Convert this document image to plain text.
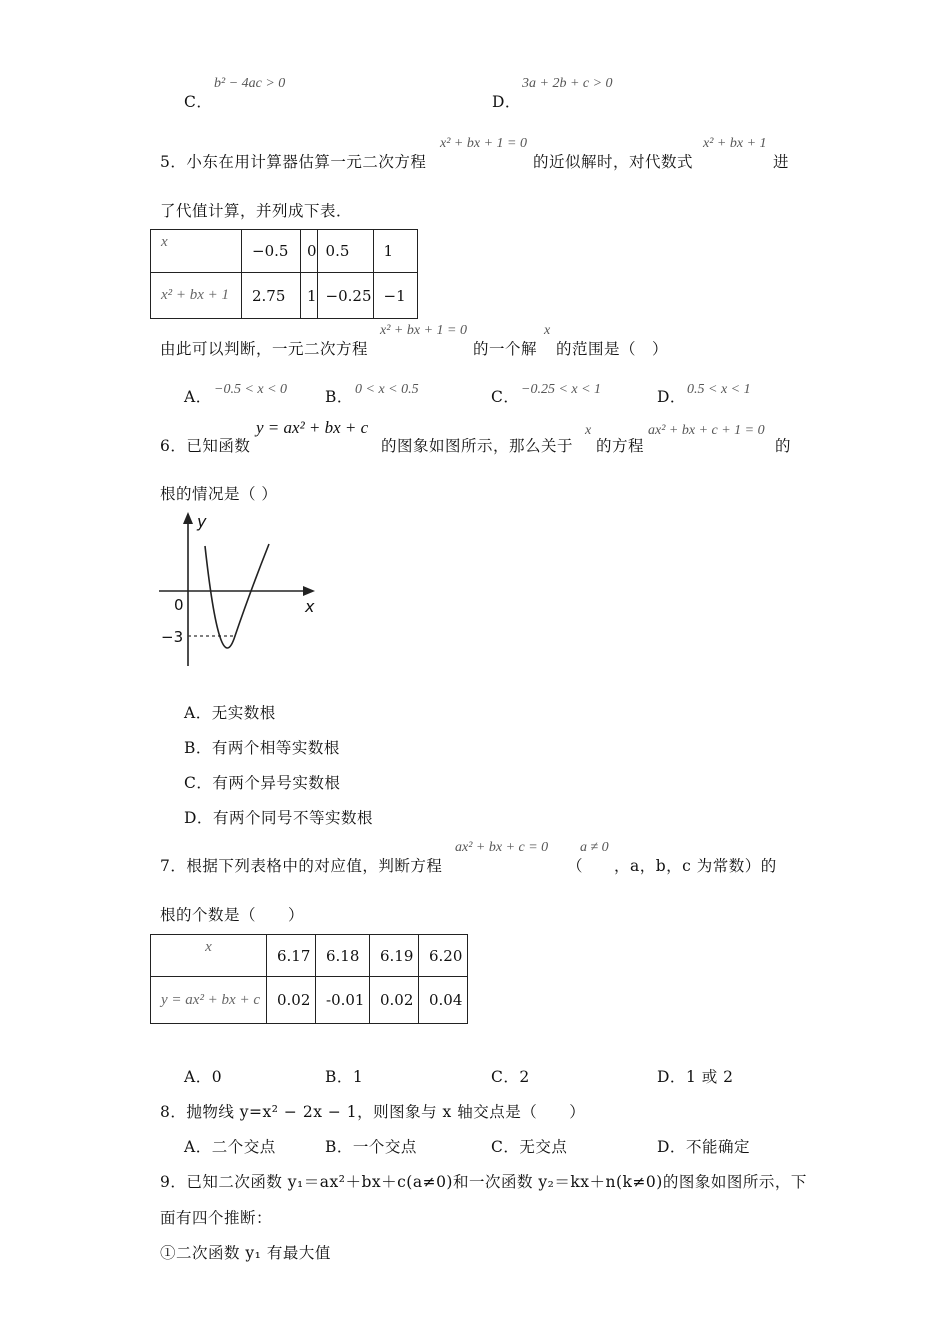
C．
b² − 4ac > 0
D．
3a + 2b + c > 0
5．小东在用计算器估算一元二次方程
x² + bx + 1 = 0
的近似解时，对代数式
x² + bx + 1
进
了代值计算，并列成下表．
x	−0.5	0	0.5	1
x² + bx + 1	2.75	1	−0.25	−1
由此可以判断，一元二次方程
x² + bx + 1 = 0
的一个解
x
的范围是（　）
A． −0.5 < x < 0 B． 0 < x < 0.5	C． −0.25 < x < 1	D． 0.5 < x < 1
6．已知函数
y = ax² + bx + c
的图象如图所示，那么关于
x
的方程
ax² + bx + c + 1 = 0
的
根的情况是（ ）
y
x
0
−3
A．无实数根
B．有两个相等实数根
C．有两个异号实数根
D．有两个同号不等实数根
7．根据下列表格中的对应值，判断方程
ax² + bx + c = 0
（
a ≠ 0
，a，b，c 为常数）的
根的个数是（　　）
x	6.17	6.18	6.19	6.20
y = ax² + bx + c	0.02	-0.01	0.02	0.04
A．0	B．1	C．2	D．1 或 2
8．抛物线 y=x² − 2x − 1，则图象与 x 轴交点是（　　）
A．二个交点	B．一个交点	C．无交点	D．不能确定
9．已知二次函数 y₁＝ax²＋bx＋c(a≠0)和一次函数 y₂＝kx＋n(k≠0)的图象如图所示，下
面有四个推断：
①二次函数 y₁ 有最大值
